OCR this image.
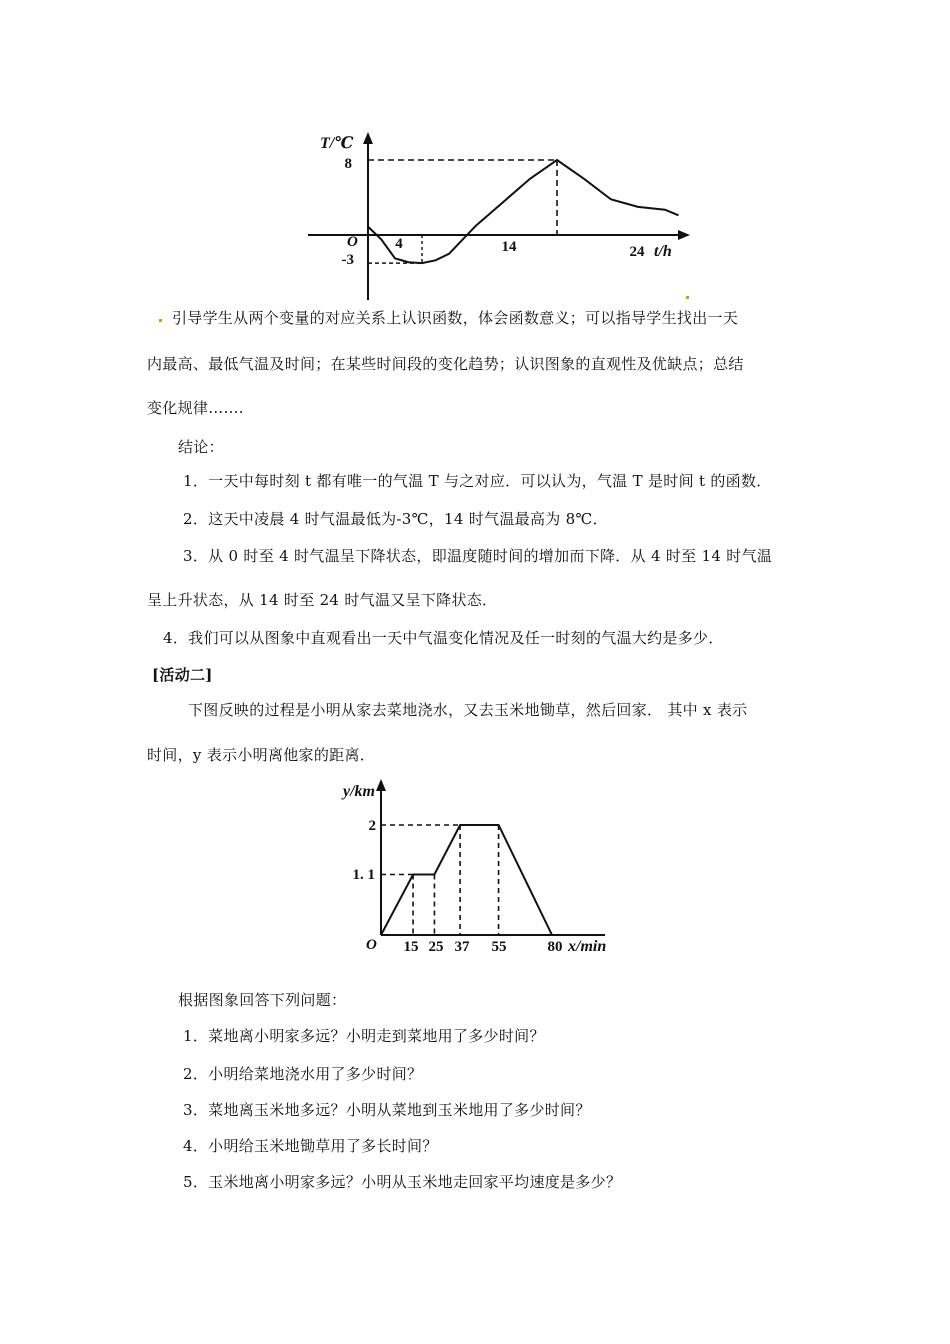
T/℃
t/h
O
8
-3
4	14	24
引导学生从两个变量的对应关系上认识函数，体会函数意义；可以指导学生找出一天
内最高、最低气温及时间；在某些时间段的变化趋势；认识图象的直观性及优缺点；总结
变化规律…….
结论：
1．一天中每时刻 t 都有唯一的气温 T 与之对应．可以认为，气温 T 是时间 t 的函数．
2．这天中凌晨 4 时气温最低为-3℃，14 时气温最高为 8℃．
3．从 0 时至 4 时气温呈下降状态，即温度随时间的增加而下降．从 4 时至 14 时气温
呈上升状态，从 14 时至 24 时气温又呈下降状态．
4．我们可以从图象中直观看出一天中气温变化情况及任一时刻的气温大约是多少．
[活动二]
下图反映的过程是小明从家去菜地浇水，又去玉米地锄草，然后回家． 其中 x 表示
时间，y 表示小明离他家的距离．
y/km
x/min
O
2
1. 1
15 25 37 55	80
根据图象回答下列问题：
1．菜地离小明家多远？小明走到菜地用了多少时间？
2．小明给菜地浇水用了多少时间？
3．菜地离玉米地多远？小明从菜地到玉米地用了多少时间？
4．小明给玉米地锄草用了多长时间？
5．玉米地离小明家多远？小明从玉米地走回家平均速度是多少？
